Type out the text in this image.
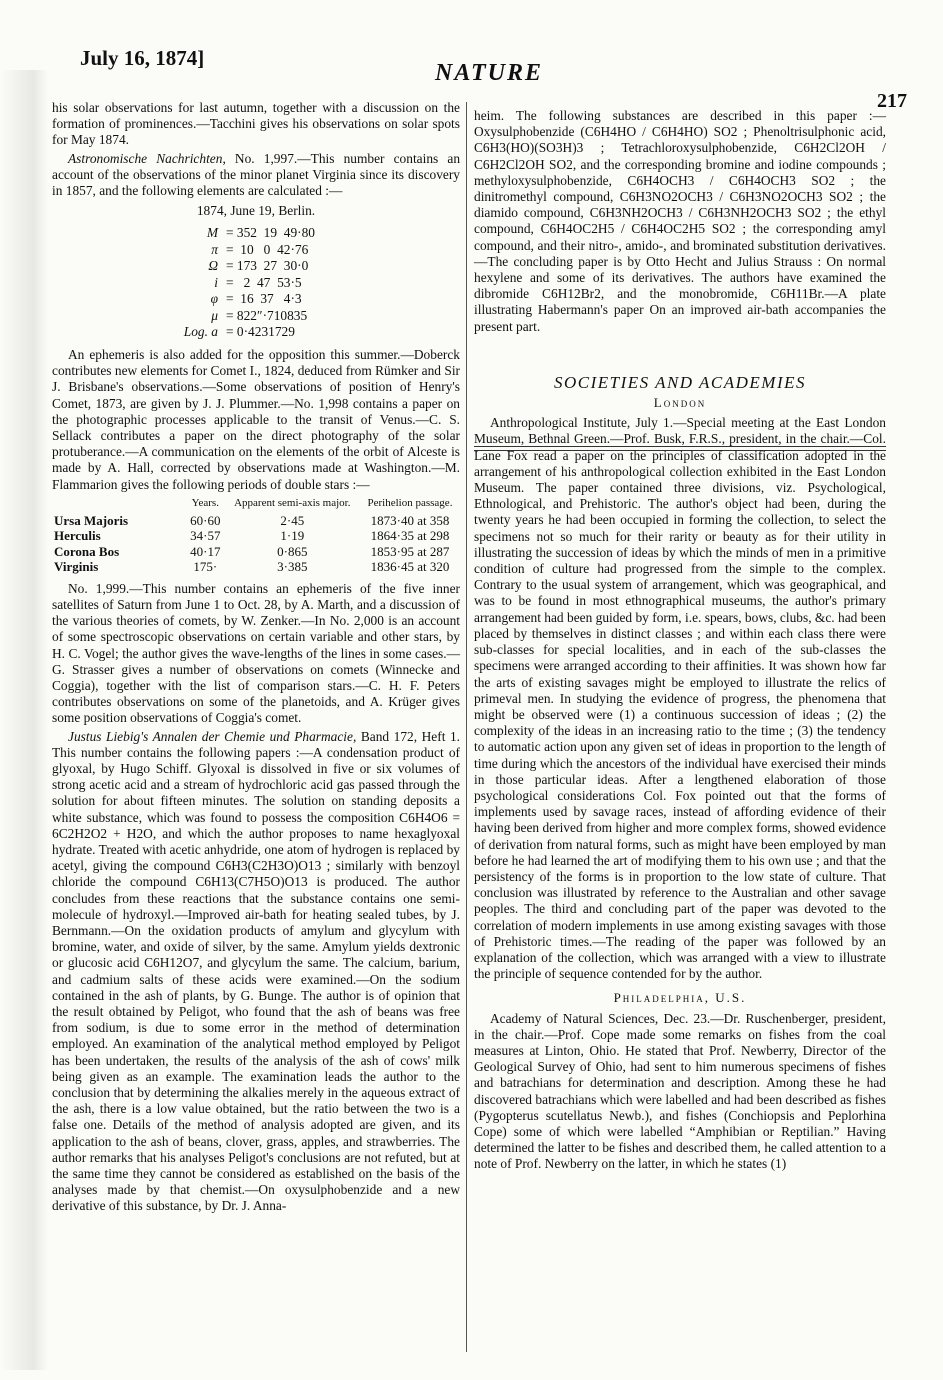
July 16, 1874]
NATURE
217

his solar observations for last autumn, together with a discussion on the formation of prominences.—Tacchini gives his observations on solar spots for May 1874.

Astronomische Nachrichten, No. 1,997.—This number contains an account of the observations of the minor planet Virginia since its discovery in 1857, and the following elements are calculated :—

1874, June 19, Berlin.
M = 352  19  49·80
π =  10   0  42·76
Ω = 173  27  30·0
i =   2  47  53·5
φ =  16  37   4·3
μ = 822″·710835
Log. a = 0·4231729

An ephemeris is also added for the opposition this summer.—Doberck contributes new elements for Comet I., 1824, deduced from Rümker and Sir J. Brisbane's observations.—Some observations of position of Henry's Comet, 1873, are given by J. J. Plummer.—No. 1,998 contains a paper on the photographic processes applicable to the transit of Venus.—C. S. Sellack contributes a paper on the direct photography of the solar protuberance.—A communication on the elements of the orbit of Alceste is made by A. Hall, corrected by observations made at Washington.—M. Flammarion gives the following periods of double stars :—

	Years.	Apparent semi-axis major.	Perihelion passage.
Ursa Majoris	60·60	2·45	1873·40 at 358
Herculis	34·57	1·19	1864·35 at 298
Corona Bos	40·17	0·865	1853·95 at 287
Virginis	175·	3·385	1836·45 at 320

No. 1,999.—This number contains an ephemeris of the five inner satellites of Saturn from June 1 to Oct. 28, by A. Marth, and a discussion of the various theories of comets, by W. Zenker.—In No. 2,000 is an account of some spectroscopic observations on certain variable and other stars, by H. C. Vogel; the author gives the wave-lengths of the lines in some cases.—G. Strasser gives a number of observations on comets (Winnecke and Coggia), together with the list of comparison stars.—C. H. F. Peters contributes observations on some of the planetoids, and A. Krüger gives some position observations of Coggia's comet.

Justus Liebig's Annalen der Chemie und Pharmacie, Band 172, Heft 1. This number contains the following papers :—A condensation product of glyoxal, by Hugo Schiff. Glyoxal is dissolved in five or six volumes of strong acetic acid and a stream of hydrochloric acid gas passed through the solution for about fifteen minutes. The solution on standing deposits a white substance, which was found to possess the composition C6H4O6 = 6C2H2O2 + H2O, and which the author proposes to name hexaglyoxal hydrate. Treated with acetic anhydride, one atom of hydrogen is replaced by acetyl, giving the compound C6H3(C2H3O)O13 ; similarly with benzoyl chloride the compound C6H13(C7H5O)O13 is produced. The author concludes from these reactions that the substance contains one semi-molecule of hydroxyl.—Improved air-bath for heating sealed tubes, by J. Bernmann.—On the oxidation products of amylum and glycylum with bromine, water, and oxide of silver, by the same. Amylum yields dextronic or glucosic acid C6H12O7, and glycylum the same. The calcium, barium, and cadmium salts of these acids were examined.—On the sodium contained in the ash of plants, by G. Bunge. The author is of opinion that the result obtained by Peligot, who found that the ash of beans was free from sodium, is due to some error in the method of determination employed. An examination of the analytical method employed by Peligot has been undertaken, the results of the analysis of the ash of cows' milk being given as an example. The examination leads the author to the conclusion that by determining the alkalies merely in the aqueous extract of the ash, there is a low value obtained, but the ratio between the two is a false one. Details of the method of analysis adopted are given, and its application to the ash of beans, clover, grass, apples, and strawberries. The author remarks that his analyses Peligot's conclusions are not refuted, but at the same time they cannot be considered as established on the basis of the analyses made by that chemist.—On oxysulphobenzide and a new derivative of this substance, by Dr. J. Anna-

heim. The following substances are described in this paper :—Oxysulphobenzide (C6H4HO / C6H4HO) SO2 ; Phenoltrisulphonic acid, C6H3(HO)(SO3H)3 ; Tetrachloroxysulphobenzide, C6H2Cl2OH / C6H2Cl2OH SO2, and the corresponding bromine and iodine compounds ; methyloxysulphobenzide, C6H4OCH3 / C6H4OCH3 SO2 ; the dinitromethyl compound, C6H3NO2OCH3 / C6H3NO2OCH3 SO2 ; the diamido compound, C6H3NH2OCH3 / C6H3NH2OCH3 SO2 ; the ethyl compound, C6H4OC2H5 / C6H4OC2H5 SO2 ; the corresponding amyl compound, and their nitro-, amido-, and brominated substitution derivatives.—The concluding paper is by Otto Hecht and Julius Strauss : On normal hexylene and some of its derivatives. The authors have examined the dibromide C6H12Br2, and the monobromide, C6H11Br.—A plate illustrating Habermann's paper On an improved air-bath accompanies the present part.

SOCIETIES AND ACADEMIES
London

Anthropological Institute, July 1.—Special meeting at the East London Museum, Bethnal Green.—Prof. Busk, F.R.S., president, in the chair.—Col. Lane Fox read a paper on the principles of classification adopted in the arrangement of his anthropological collection exhibited in the East London Museum. The paper contained three divisions, viz. Psychological, Ethnological, and Prehistoric. The author's object had been, during the twenty years he had been occupied in forming the collection, to select the specimens not so much for their rarity or beauty as for their utility in illustrating the succession of ideas by which the minds of men in a primitive condition of culture had progressed from the simple to the complex. Contrary to the usual system of arrangement, which was geographical, and was to be found in most ethnographical museums, the author's primary arrangement had been guided by form, i.e. spears, bows, clubs, &c. had been placed by themselves in distinct classes ; and within each class there were sub-classes for special localities, and in each of the sub-classes the specimens were arranged according to their affinities. It was shown how far the arts of existing savages might be employed to illustrate the relics of primeval men. In studying the evidence of progress, the phenomena that might be observed were (1) a continuous succession of ideas ; (2) the complexity of the ideas in an increasing ratio to the time ; (3) the tendency to automatic action upon any given set of ideas in proportion to the length of time during which the ancestors of the individual have exercised their minds in those particular ideas. After a lengthened elaboration of those psychological considerations Col. Fox pointed out that the forms of implements used by savage races, instead of affording evidence of their having been derived from higher and more complex forms, showed evidence of derivation from natural forms, such as might have been employed by man before he had learned the art of modifying them to his own use ; and that the persistency of the forms is in proportion to the low state of culture. That conclusion was illustrated by reference to the Australian and other savage peoples. The third and concluding part of the paper was devoted to the correlation of modern implements in use among existing savages with those of Prehistoric times.—The reading of the paper was followed by an explanation of the collection, which was arranged with a view to illustrate the principle of sequence contended for by the author.

Philadelphia, U.S.

Academy of Natural Sciences, Dec. 23.—Dr. Ruschenberger, president, in the chair.—Prof. Cope made some remarks on fishes from the coal measures at Linton, Ohio. He stated that Prof. Newberry, Director of the Geological Survey of Ohio, had sent to him numerous specimens of fishes and batrachians for determination and description. Among these he had discovered batrachians which were labelled and had been described as fishes (Pygopterus scutellatus Newb.), and fishes (Conchiopsis and Peplorhina Cope) some of which were labelled “Amphibian or Reptilian.” Having determined the latter to be fishes and described them, he called attention to a note of Prof. Newberry on the latter, in which he states (1)
